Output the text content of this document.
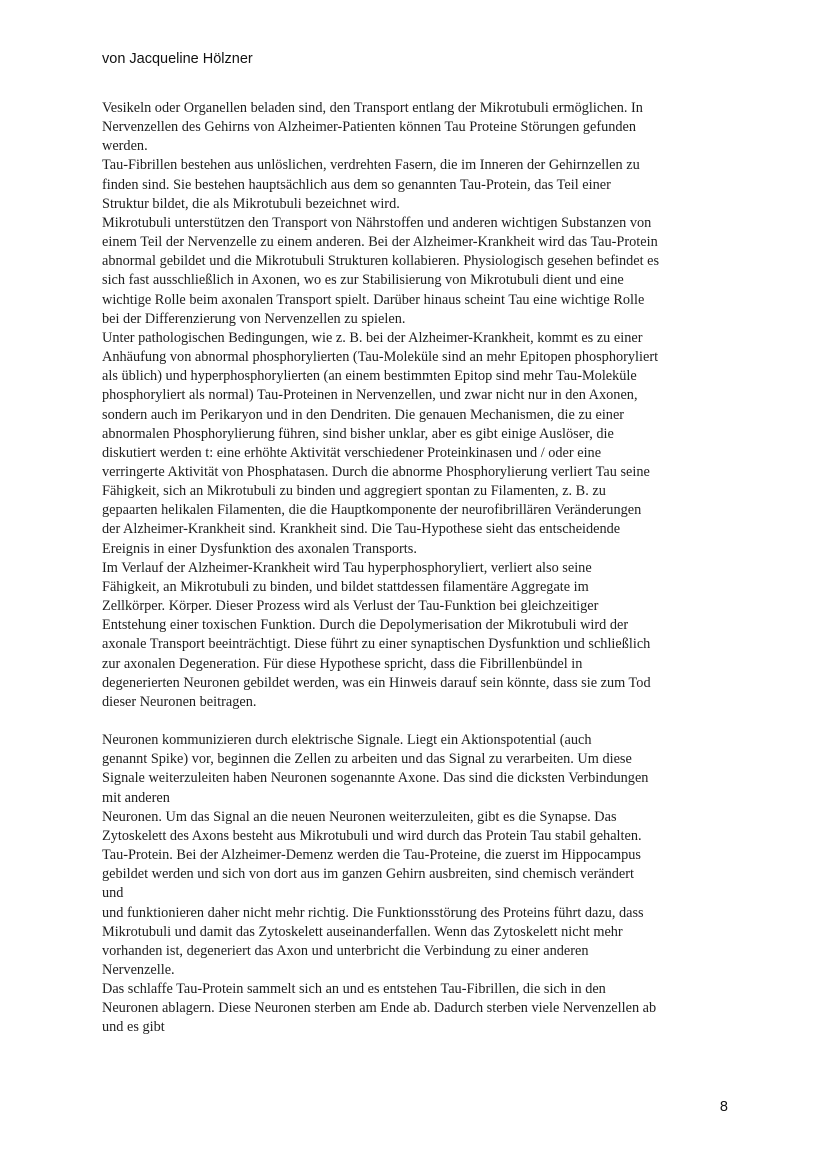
von Jacqueline Hölzner
Vesikeln oder Organellen beladen sind, den Transport entlang der Mikrotubuli ermöglichen. In
Nervenzellen des Gehirns von Alzheimer-Patienten können Tau Proteine Störungen gefunden
werden.
Tau-Fibrillen bestehen aus unlöslichen, verdrehten Fasern, die im Inneren der Gehirnzellen zu
finden sind. Sie bestehen hauptsächlich aus dem so genannten Tau-Protein, das Teil einer
Struktur bildet, die als Mikrotubuli bezeichnet wird.
Mikrotubuli unterstützen den Transport von Nährstoffen und anderen wichtigen Substanzen von
einem Teil der Nervenzelle zu einem anderen. Bei der Alzheimer-Krankheit wird das Tau-Protein
abnormal gebildet und die Mikrotubuli Strukturen kollabieren. Physiologisch gesehen befindet es
sich fast ausschließlich in Axonen, wo es zur Stabilisierung von Mikrotubuli dient und eine
wichtige Rolle beim axonalen Transport spielt. Darüber hinaus scheint Tau eine wichtige Rolle
bei der Differenzierung von Nervenzellen zu spielen.
Unter pathologischen Bedingungen, wie z. B. bei der Alzheimer-Krankheit, kommt es zu einer
Anhäufung von abnormal phosphorylierten (Tau-Moleküle sind an mehr Epitopen phosphoryliert
als üblich) und hyperphosphorylierten (an einem bestimmten Epitop sind mehr Tau-Moleküle
phosphoryliert als normal) Tau-Proteinen in Nervenzellen, und zwar nicht nur in den Axonen,
sondern auch im Perikaryon und in den Dendriten. Die genauen Mechanismen, die zu einer
abnormalen Phosphorylierung führen, sind bisher unklar, aber es gibt einige Auslöser, die
diskutiert werden t: eine erhöhte Aktivität verschiedener Proteinkinasen und / oder eine
verringerte Aktivität von Phosphatasen. Durch die abnorme Phosphorylierung verliert Tau seine
Fähigkeit, sich an Mikrotubuli zu binden und aggregiert spontan zu Filamenten, z. B. zu
gepaarten helikalen Filamenten, die die Hauptkomponente der neurofibrillären Veränderungen
der Alzheimer-Krankheit sind. Krankheit sind. Die Tau-Hypothese sieht das entscheidende
Ereignis in einer Dysfunktion des axonalen Transports.
Im Verlauf der Alzheimer-Krankheit wird Tau hyperphosphoryliert, verliert also seine
Fähigkeit, an Mikrotubuli zu binden, und bildet stattdessen filamentäre Aggregate im
Zellkörper. Körper. Dieser Prozess wird als Verlust der Tau-Funktion bei gleichzeitiger
Entstehung einer toxischen Funktion. Durch die Depolymerisation der Mikrotubuli wird der
axonale Transport beeinträchtigt. Diese führt zu einer synaptischen Dysfunktion und schließlich
zur axonalen Degeneration. Für diese Hypothese spricht, dass die Fibrillenbündel in
degenerierten Neuronen gebildet werden, was ein Hinweis darauf sein könnte, dass sie zum Tod
dieser Neuronen beitragen.
Neuronen kommunizieren durch elektrische Signale. Liegt ein Aktionspotential (auch
genannt Spike) vor, beginnen die Zellen zu arbeiten und das Signal zu verarbeiten. Um diese
Signale weiterzuleiten haben Neuronen sogenannte Axone. Das sind die dicksten Verbindungen
mit anderen
Neuronen. Um das Signal an die neuen Neuronen weiterzuleiten, gibt es die Synapse. Das
Zytoskelett des Axons besteht aus Mikrotubuli und wird durch das Protein Tau stabil gehalten.
Tau-Protein. Bei der Alzheimer-Demenz werden die Tau-Proteine, die zuerst im Hippocampus
gebildet werden und sich von dort aus im ganzen Gehirn ausbreiten, sind chemisch verändert
und
und funktionieren daher nicht mehr richtig. Die Funktionsstörung des Proteins führt dazu, dass
Mikrotubuli und damit das Zytoskelett auseinanderfallen. Wenn das Zytoskelett nicht mehr
vorhanden ist, degeneriert das Axon und unterbricht die Verbindung zu einer anderen
Nervenzelle.
Das schlaffe Tau-Protein sammelt sich an und es entstehen Tau-Fibrillen, die sich in den
Neuronen ablagern. Diese Neuronen sterben am Ende ab. Dadurch sterben viele Nervenzellen ab
und es gibt
8
